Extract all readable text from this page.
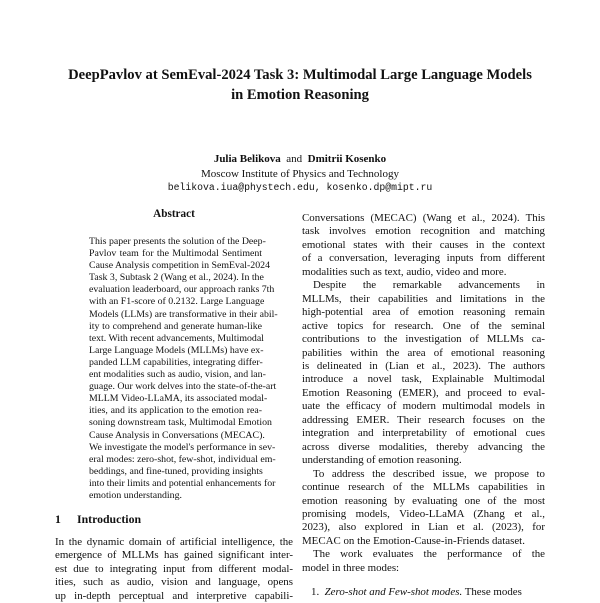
DeepPavlov at SemEval-2024 Task 3: Multimodal Large Language Models
in Emotion Reasoning
Julia Belikova and Dmitrii Kosenko
Moscow Institute of Physics and Technology
belikova.iua@phystech.edu, kosenko.dp@mipt.ru
Abstract
This paper presents the solution of the Deep-
Pavlov team for the Multimodal Sentiment
Cause Analysis competition in SemEval-2024
Task 3, Subtask 2 (Wang et al., 2024). In the
evaluation leaderboard, our approach ranks 7th
with an F1-score of 0.2132. Large Language
Models (LLMs) are transformative in their abil-
ity to comprehend and generate human-like
text. With recent advancements, Multimodal
Large Language Models (MLLMs) have ex-
panded LLM capabilities, integrating differ-
ent modalities such as audio, vision, and lan-
guage. Our work delves into the state-of-the-art
MLLM Video-LLaMA, its associated modal-
ities, and its application to the emotion rea-
soning downstream task, Multimodal Emotion
Cause Analysis in Conversations (MECAC).
We investigate the model's performance in sev-
eral modes: zero-shot, few-shot, individual em-
beddings, and fine-tuned, providing insights
into their limits and potential enhancements for
emotion understanding.
1 Introduction
In the dynamic domain of artificial intelligence, the
emergence of MLLMs has gained significant inter-
est due to integrating input from different modal-
ities, such as audio, vision and language, opens
up in-depth perceptual and interpretive capabili-
Conversations (MECAC) (Wang et al., 2024). This
task involves emotion recognition and matching
emotional states with their causes in the context
of a conversation, leveraging inputs from different
modalities such as text, audio, video and more.
Despite the remarkable advancements in
MLLMs, their capabilities and limitations in the
high-potential area of emotion reasoning remain
active topics for research. One of the seminal
contributions to the investigation of MLLMs ca-
pabilities within the area of emotional reasoning
is delineated in (Lian et al., 2023). The authors
introduce a novel task, Explainable Multimodal
Emotion Reasoning (EMER), and proceed to eval-
uate the efficacy of modern multimodal models in
addressing EMER. Their research focuses on the
integration and interpretability of emotional cues
across diverse modalities, thereby advancing the
understanding of emotion reasoning.
To address the described issue, we propose to
continue research of the MLLMs capabilities in
emotion reasoning by evaluating one of the most
promising models, Video-LLaMA (Zhang et al.,
2023), also explored in Lian et al. (2023), for
MECAC on the Emotion-Cause-in-Friends dataset.
The work evaluates the performance of the
model in three modes:
1. Zero-shot and Few-shot modes. These modes
